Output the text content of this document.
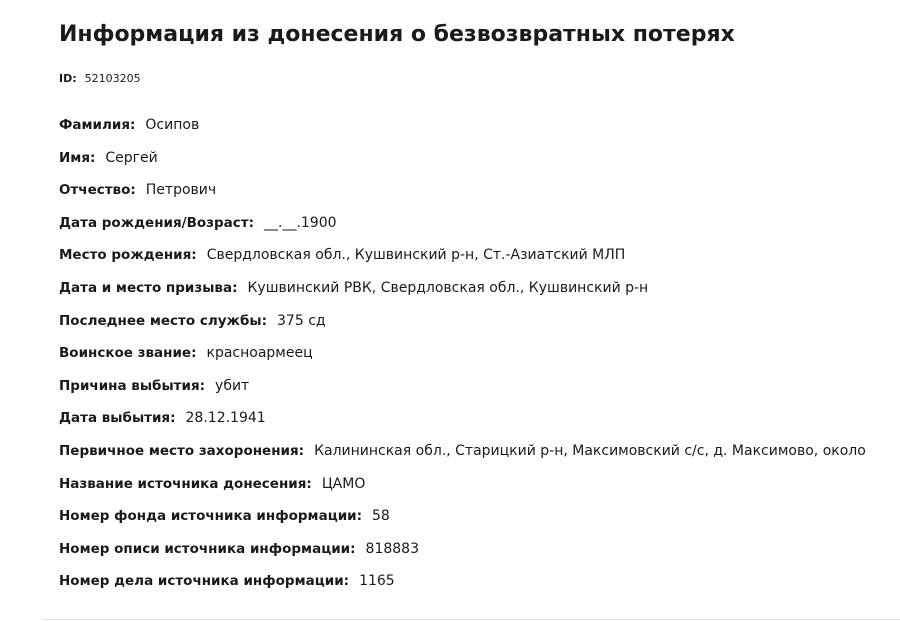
Информация из донесения о безвозвратных потерях
ID: 52103205
Фамилия: Осипов
Имя: Сергей
Отчество: Петрович
Дата рождения/Возраст: __.__.1900
Место рождения: Свердловская обл., Кушвинский р-н, Ст.-Азиатский МЛП
Дата и место призыва: Кушвинский РВК, Свердловская обл., Кушвинский р-н
Последнее место службы: 375 сд
Воинское звание: красноармеец
Причина выбытия: убит
Дата выбытия: 28.12.1941
Первичное место захоронения: Калининская обл., Старицкий р-н, Максимовский с/с, д. Максимово, около
Название источника донесения: ЦАМО
Номер фонда источника информации: 58
Номер описи источника информации: 818883
Номер дела источника информации: 1165
